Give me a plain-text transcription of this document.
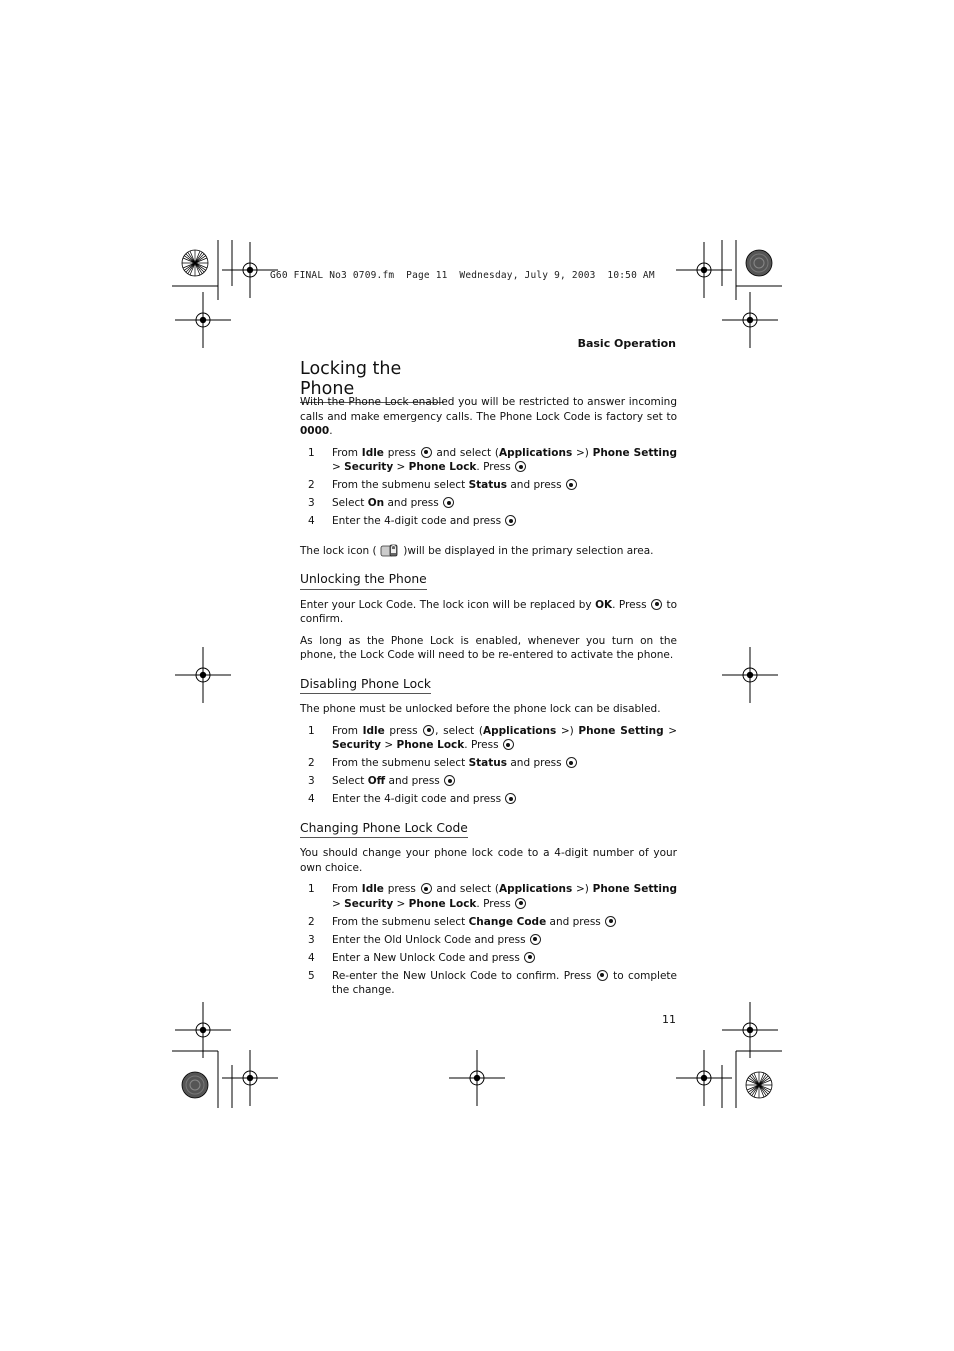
G60 FINAL No3 0709.fm  Page 11  Wednesday, July 9, 2003  10:50 AM
Basic Operation
Locking the Phone

With the Phone Lock enabled you will be restricted to answer incoming calls and make emergency calls. The Phone Lock Code is factory set to 0000.

1	From Idle press  and select (Applications >) Phone Setting > Security > Phone Lock. Press
2	From the submenu select Status and press
3	Select On and press
4	Enter the 4-digit code and press

The lock icon (  )will be displayed in the primary selection area.

Unlocking the Phone

Enter your Lock Code. The lock icon will be replaced by OK. Press  to confirm.

As long as the Phone Lock is enabled, whenever you turn on the phone, the Lock Code will need to be re-entered to activate the phone.

Disabling Phone Lock

The phone must be unlocked before the phone lock can be disabled.

1	From Idle press , select (Applications >) Phone Setting > Security > Phone Lock. Press
2	From the submenu select Status and press
3	Select Off and press
4	Enter the 4-digit code and press
Changing Phone Lock Code

You should change your phone lock code to a 4-digit number of your own choice.

1	From Idle press  and select (Applications >) Phone Setting > Security > Phone Lock. Press
2	From the submenu select Change Code and press
3	Enter the Old Unlock Code and press
4	Enter a New Unlock Code and press
5	Re-enter the New Unlock Code to confirm. Press  to complete the change.
11
